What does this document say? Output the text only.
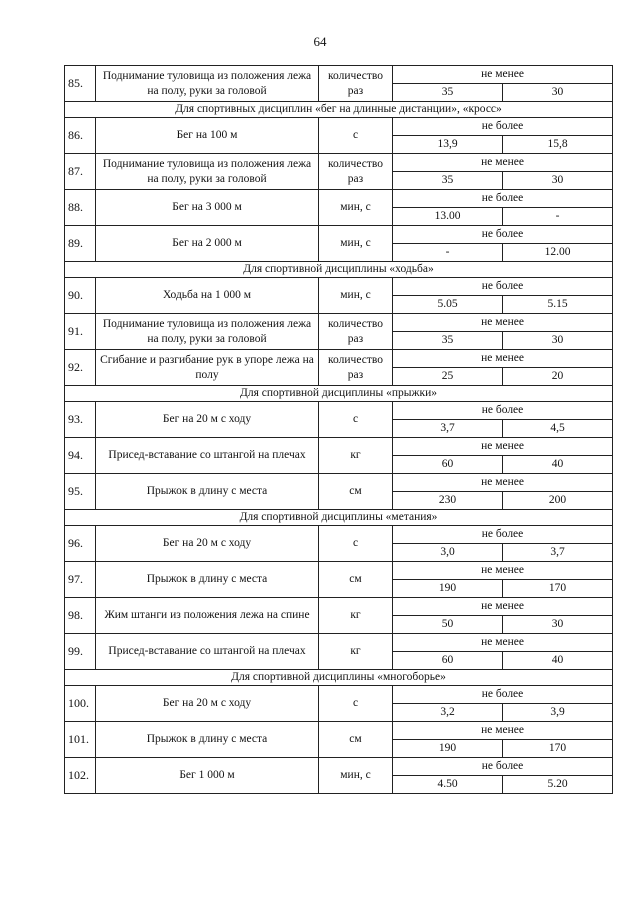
64
85.	Поднимание туловища из положения лежа на полу, руки за головой	количество раз	не менее	
			35	30
Для спортивных дисциплин «бег на длинные дистанции», «кросс»				
86.	Бег на 100 м	с	не более	
			13,9	15,8
87.	Поднимание туловища из положения лежа на полу, руки за головой	количество раз	не менее	
			35	30
88.	Бег на 3 000 м	мин, с	не более	
			13.00	-
89.	Бег на 2 000 м	мин, с	не более	
			-	12.00
Для спортивной дисциплины «ходьба»				
90.	Ходьба на 1 000 м	мин, с	не более	
			5.05	5.15
91.	Поднимание туловища из положения лежа на полу, руки за головой	количество раз	не менее	
			35	30
92.	Сгибание и разгибание рук в упоре лежа на полу	количество раз	не менее	
			25	20
Для спортивной дисциплины «прыжки»				
93.	Бег на 20 м с ходу	с	не более	
			3,7	4,5
94.	Присед-вставание со штангой на плечах	кг	не менее	
			60	40
95.	Прыжок в длину с места	см	не менее	
			230	200
Для спортивной дисциплины «метания»				
96.	Бег на 20 м с ходу	с	не более	
			3,0	3,7
97.	Прыжок в длину с места	см	не менее	
			190	170
98.	Жим штанги из положения лежа на спине	кг	не менее	
			50	30
99.	Присед-вставание со штангой на плечах	кг	не менее	
			60	40
Для спортивной дисциплины «многоборье»				
100.	Бег на 20 м с ходу	с	не более	
			3,2	3,9
101.	Прыжок в длину с места	см	не менее	
			190	170
102.	Бег 1 000 м	мин, с	не более	
			4.50	5.20
